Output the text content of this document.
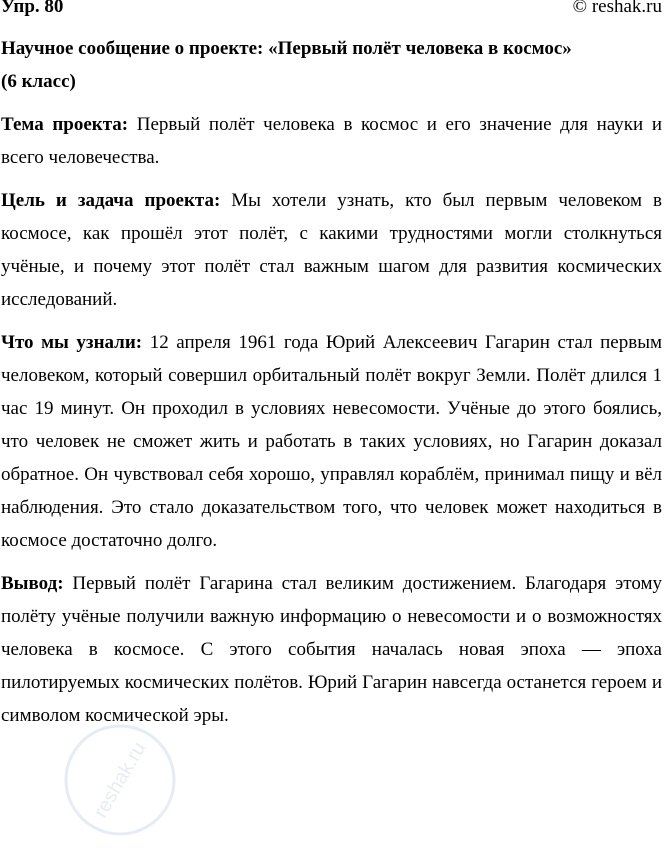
Упр. 80	© reshak.ru
Научное сообщение о проекте: «Первый полёт человека в космос»
(6 класс)

Тема проекта: Первый полёт человека в космос и его значение для науки и всего человечества.

Цель и задача проекта: Мы хотели узнать, кто был первым человеком в космосе, как прошёл этот полёт, с какими трудностями могли столкнуться учёные, и почему этот полёт стал важным шагом для развития космических исследований.

Что мы узнали: 12 апреля 1961 года Юрий Алексеевич Гагарин стал первым человеком, который совершил орбитальный полёт вокруг Земли. Полёт длился 1 час 19 минут. Он проходил в условиях невесомости. Учёные до этого боялись, что человек не сможет жить и работать в таких условиях, но Гагарин доказал обратное. Он чувствовал себя хорошо, управлял кораблём, принимал пищу и вёл наблюдения. Это стало доказательством того, что человек может находиться в космосе достаточно долго.

Вывод: Первый полёт Гагарина стал великим достижением. Благодаря этому полёту учёные получили важную информацию о невесомости и о возможностях человека в космосе. С этого события началась новая эпоха — эпоха пилотируемых космических полётов. Юрий Гагарин навсегда останется героем и символом космической эры.

reshak.ru
